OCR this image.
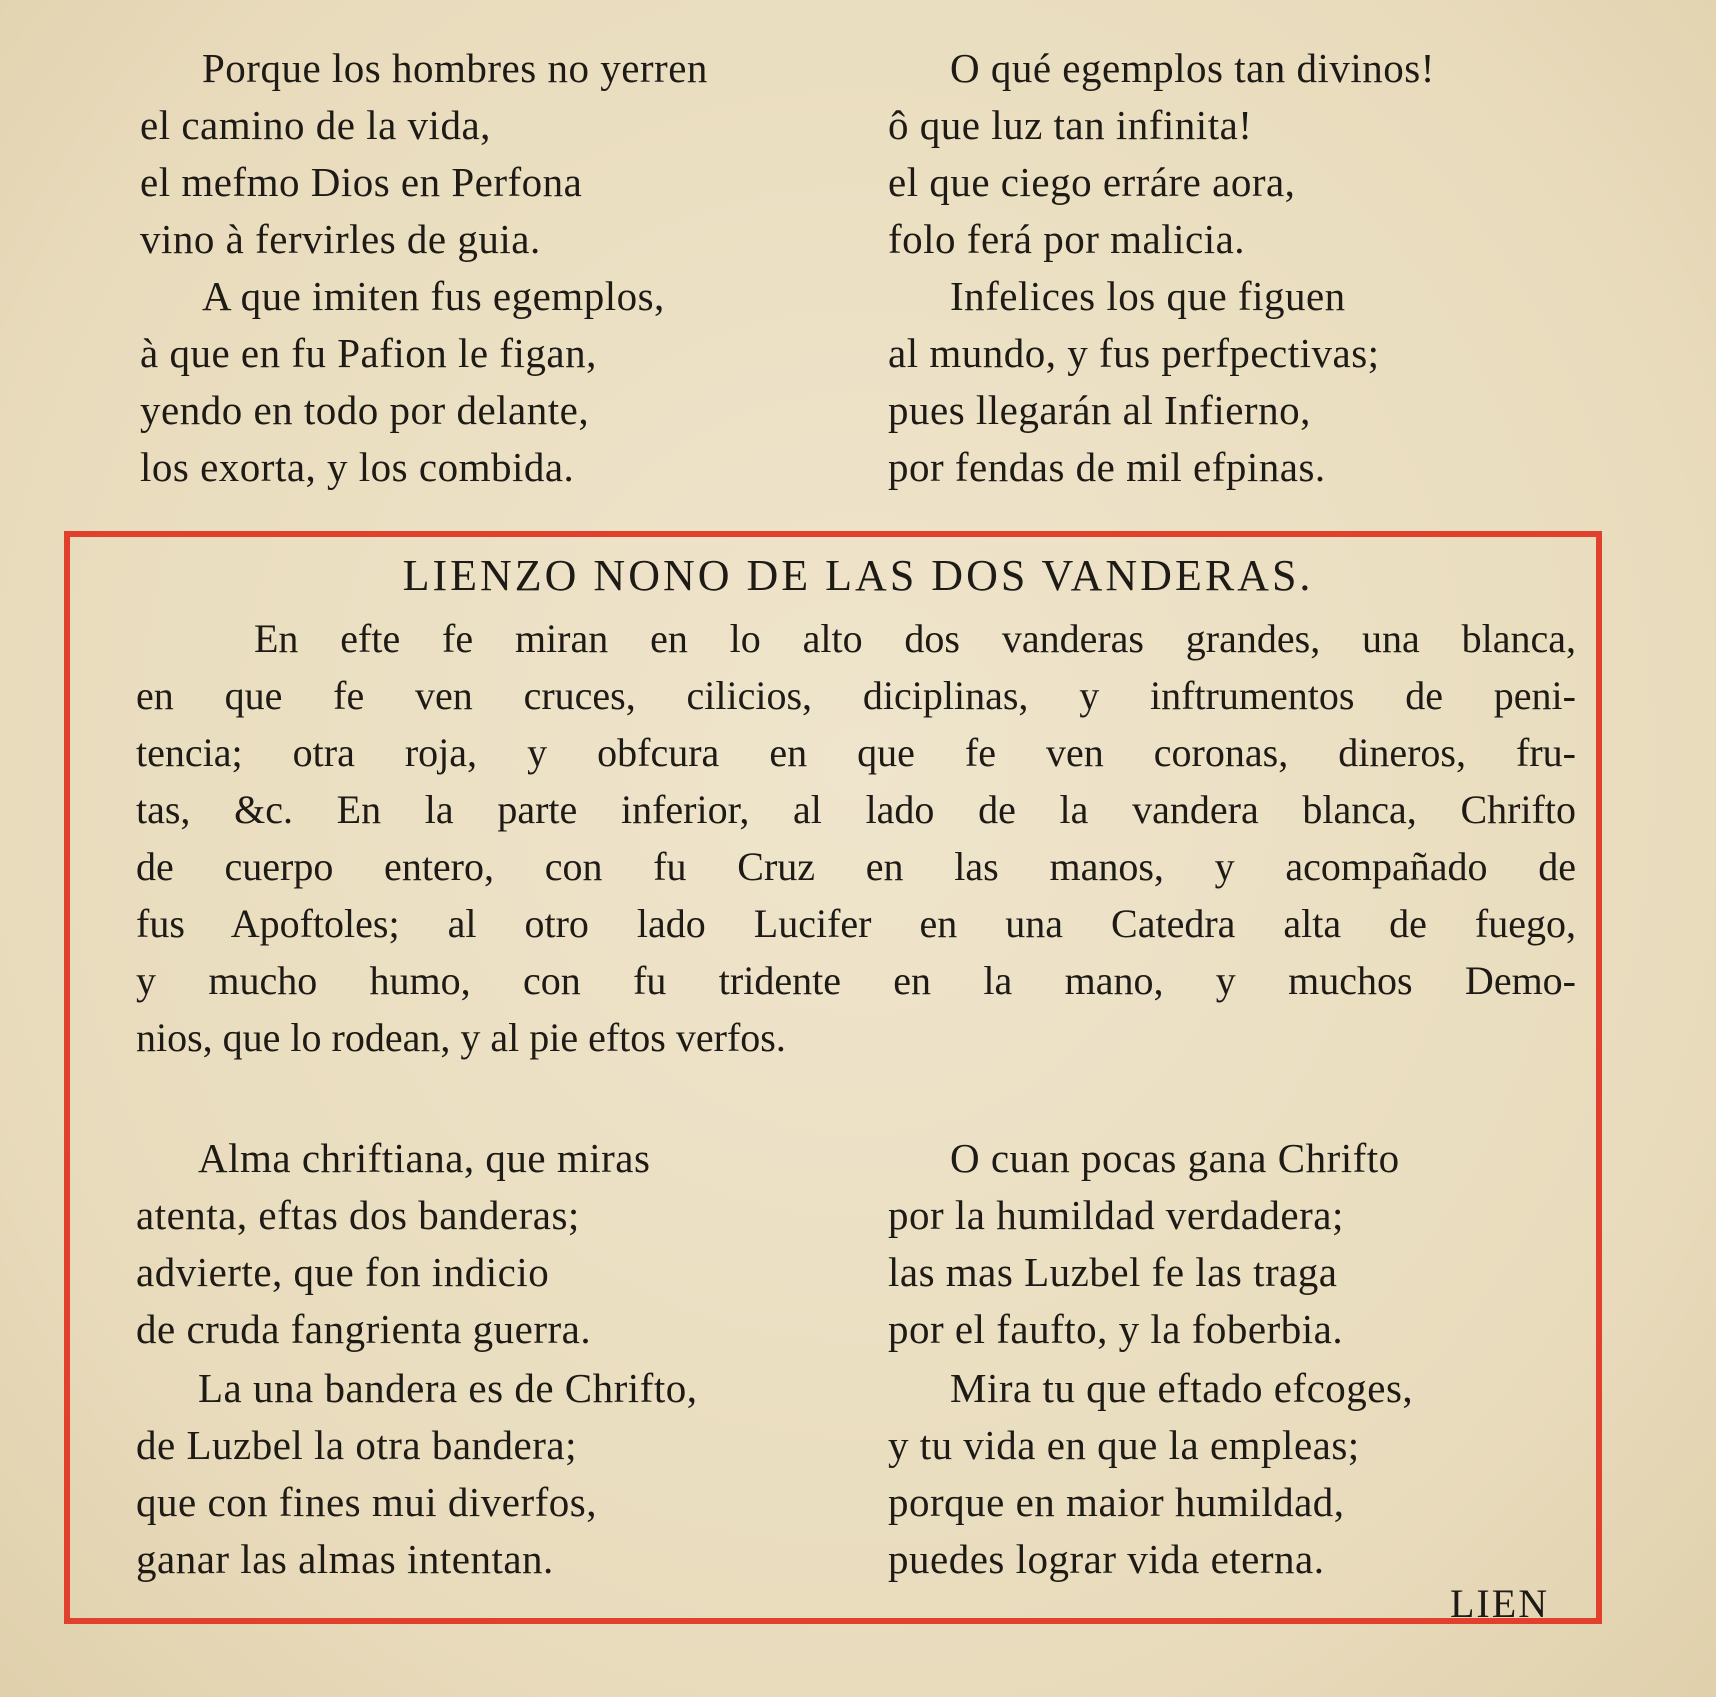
Porque los hombres no yerren
el camino de la vida,
el mefmo Dios en Perfona
vino à fervirles de guia.
A que imiten fus egemplos,
à que en fu Pafion le figan,
yendo en todo por delante,
los exorta, y los combida.
O qué egemplos tan divinos!
ô que luz tan infinita!
el que ciego erráre aora,
folo ferá por malicia.
Infelices los que figuen
al mundo, y fus perfpectivas;
pues llegarán al Infierno,
por fendas de mil efpinas.
LIENZO NONO DE LAS DOS VANDERAS.
En efte fe miran en lo alto dos vanderas grandes, una blanca,
en que fe ven cruces, cilicios, diciplinas, y inftrumentos de peni-
tencia; otra roja, y obfcura en que fe ven coronas, dineros, fru-
tas, &c. En la parte inferior, al lado de la vandera blanca, Chrifto
de cuerpo entero, con fu Cruz en las manos, y acompañado de
fus Apoftoles; al otro lado Lucifer en una Catedra alta de fuego,
y mucho humo, con fu tridente en la mano, y muchos Demo-
nios, que lo rodean, y al pie eftos verfos.
Alma chriftiana, que miras
atenta, eftas dos banderas;
advierte, que fon indicio
de cruda fangrienta guerra.
La una bandera es de Chrifto,
de Luzbel la otra bandera;
que con fines mui diverfos,
ganar las almas intentan.
O cuan pocas gana Chrifto
por la humildad verdadera;
las mas Luzbel fe las traga
por el faufto, y la foberbia.
Mira tu que eftado efcoges,
y tu vida en que la empleas;
porque en maior humildad,
puedes lograr vida eterna.
LIEN
